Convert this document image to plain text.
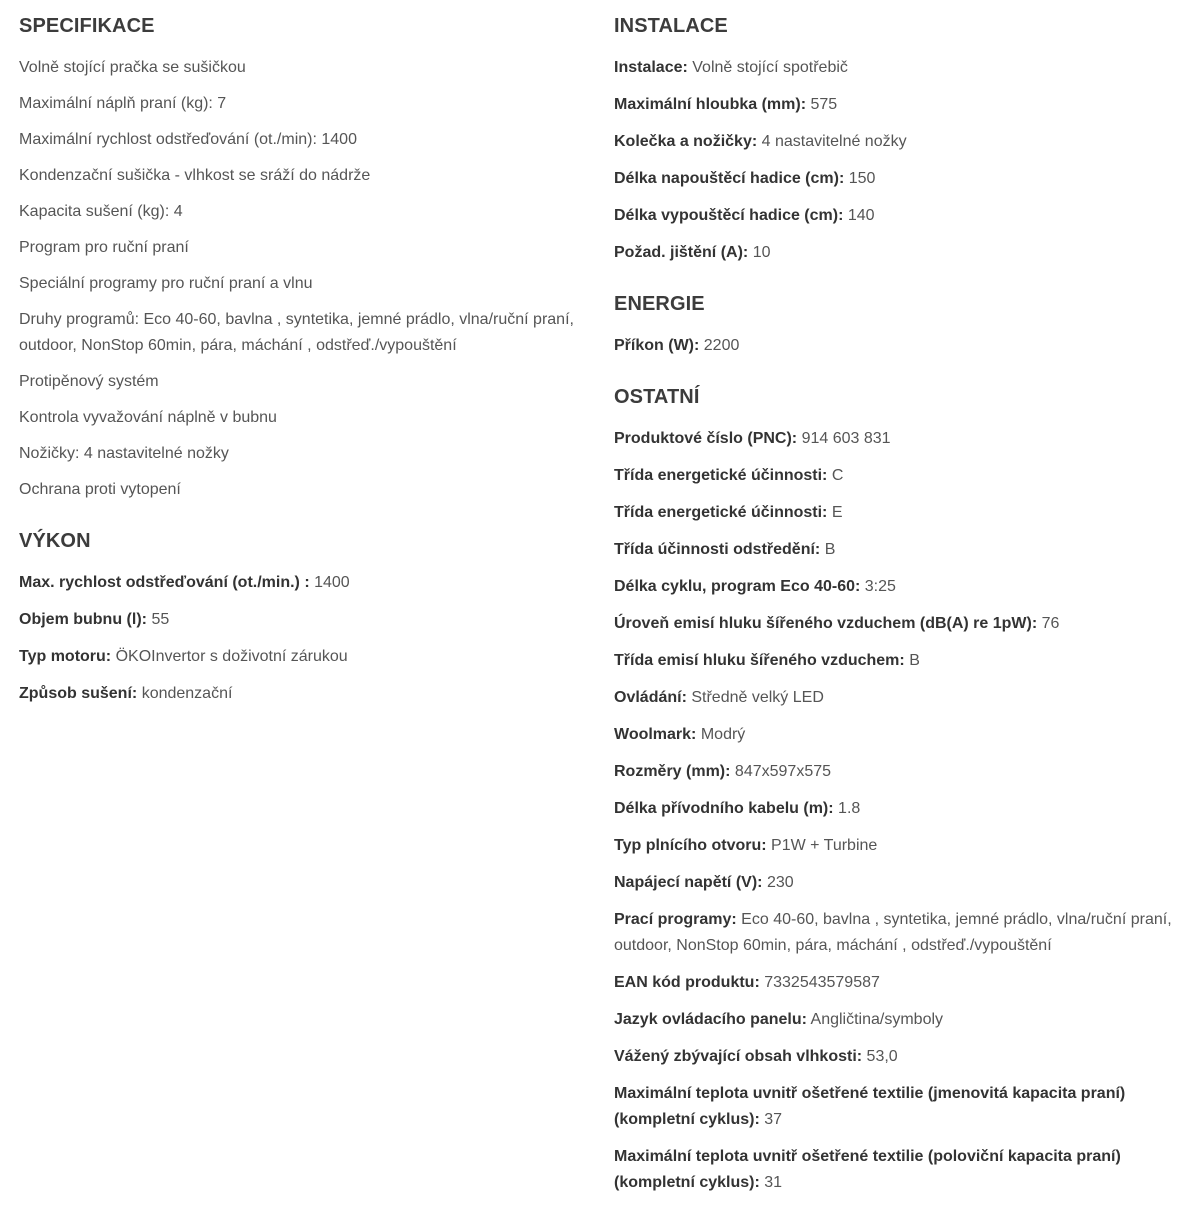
SPECIFIKACE
Volně stojící pračka se sušičkou
Maximální náplň praní (kg): 7
Maximální rychlost odstřeďování (ot./min): 1400
Kondenzační sušička - vlhkost se sráží do nádrže
Kapacita sušení (kg): 4
Program pro ruční praní
Speciální programy pro ruční praní a vlnu
Druhy programů: Eco 40-60, bavlna , syntetika, jemné prádlo, vlna/ruční praní, outdoor, NonStop 60min, pára, máchání , odstřeď./vypouštění
Protipěnový systém
Kontrola vyvažování náplně v bubnu
Nožičky: 4 nastavitelné nožky
Ochrana proti vytopení
VÝKON
Max. rychlost odstřeďování (ot./min.) : 1400
Objem bubnu (l): 55
Typ motoru: ÖKOInvertor s doživotní zárukou
Způsob sušení: kondenzační
INSTALACE
Instalace: Volně stojící spotřebič
Maximální hloubka (mm): 575
Kolečka a nožičky: 4 nastavitelné nožky
Délka napouštěcí hadice (cm): 150
Délka vypouštěcí hadice (cm): 140
Požad. jištění (A): 10
ENERGIE
Příkon (W): 2200
OSTATNÍ
Produktové číslo (PNC): 914 603 831
Třída energetické účinnosti: C
Třída energetické účinnosti: E
Třída účinnosti odstředění: B
Délka cyklu, program Eco 40-60: 3:25
Úroveň emisí hluku šířeného vzduchem (dB(A) re 1pW): 76
Třída emisí hluku šířeného vzduchem: B
Ovládání: Středně velký LED
Woolmark: Modrý
Rozměry (mm): 847x597x575
Délka přívodního kabelu (m): 1.8
Typ plnícího otvoru: P1W + Turbine
Napájecí napětí (V): 230
Prací programy: Eco 40-60, bavlna , syntetika, jemné prádlo, vlna/ruční praní, outdoor, NonStop 60min, pára, máchání , odstřeď./vypouštění
EAN kód produktu: 7332543579587
Jazyk ovládacího panelu: Angličtina/symboly
Vážený zbývající obsah vlhkosti: 53,0
Maximální teplota uvnitř ošetřené textilie (jmenovitá kapacita praní) (kompletní cyklus): 37
Maximální teplota uvnitř ošetřené textilie (poloviční kapacita praní) (kompletní cyklus): 31
